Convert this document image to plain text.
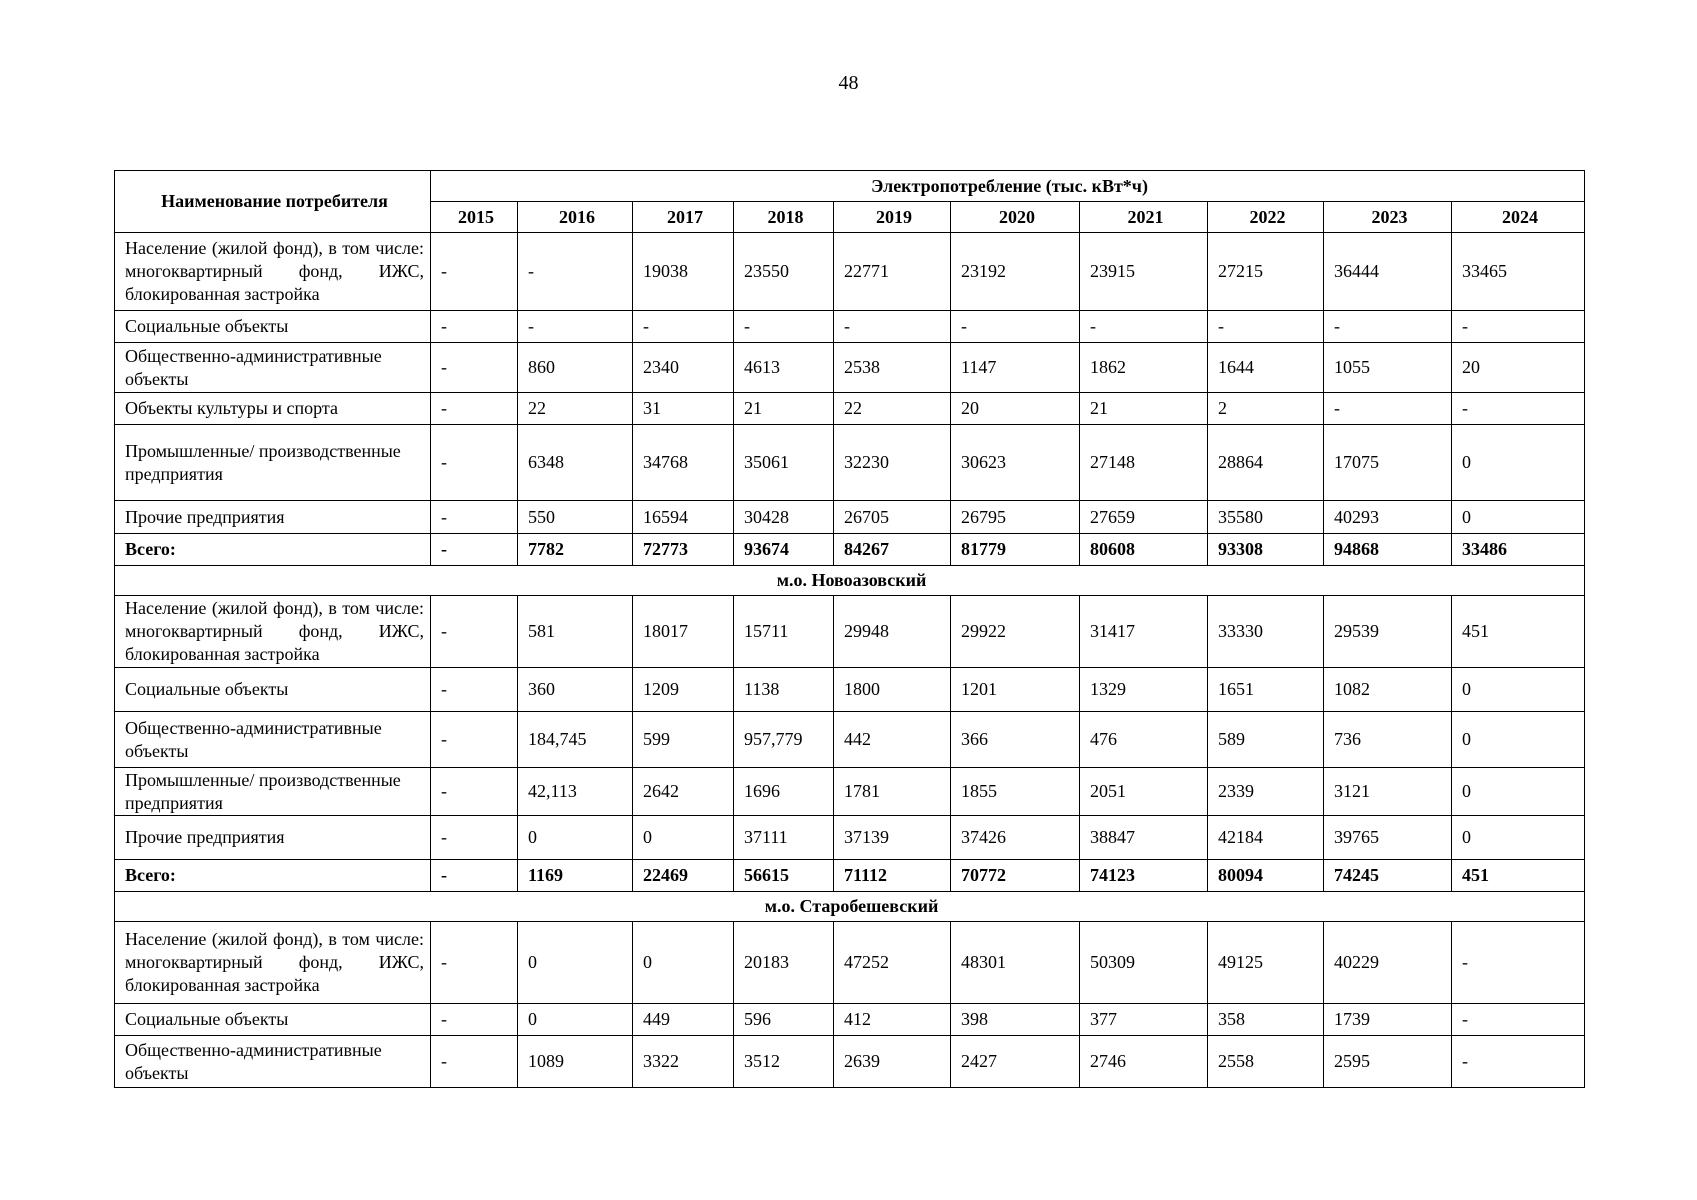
48
Наименование потребителя	Электропотребление (тыс. кВт*ч)									
	2015	2016	2017	2018	2019	2020	2021	2022	2023	2024
Население (жилой фонд), в том числе: многоквартирный фонд, ИЖС, блокированная застройка	-	-	19038	23550	22771	23192	23915	27215	36444	33465
Социальные объекты	-	-	-	-	-	-	-	-	-	-
Общественно-административные объекты	-	860	2340	4613	2538	1147	1862	1644	1055	20
Объекты культуры и спорта	-	22	31	21	22	20	21	2	-	-
Промышленные/ производственные предприятия	-	6348	34768	35061	32230	30623	27148	28864	17075	0
Прочие предприятия	-	550	16594	30428	26705	26795	27659	35580	40293	0
Всего:	-	7782	72773	93674	84267	81779	80608	93308	94868	33486
м.о. Новоазовский										
Население (жилой фонд), в том числе: многоквартирный фонд, ИЖС, блокированная застройка	-	581	18017	15711	29948	29922	31417	33330	29539	451
Социальные объекты	-	360	1209	1138	1800	1201	1329	1651	1082	0
Общественно-административные объекты	-	184,745	599	957,779	442	366	476	589	736	0
Промышленные/ производственные предприятия	-	42,113	2642	1696	1781	1855	2051	2339	3121	0
Прочие предприятия	-	0	0	37111	37139	37426	38847	42184	39765	0
Всего:	-	1169	22469	56615	71112	70772	74123	80094	74245	451
м.о. Старобешевский										
Население (жилой фонд), в том числе: многоквартирный фонд, ИЖС, блокированная застройка	-	0	0	20183	47252	48301	50309	49125	40229	-
Социальные объекты	-	0	449	596	412	398	377	358	1739	-
Общественно-административные объекты	-	1089	3322	3512	2639	2427	2746	2558	2595	-
